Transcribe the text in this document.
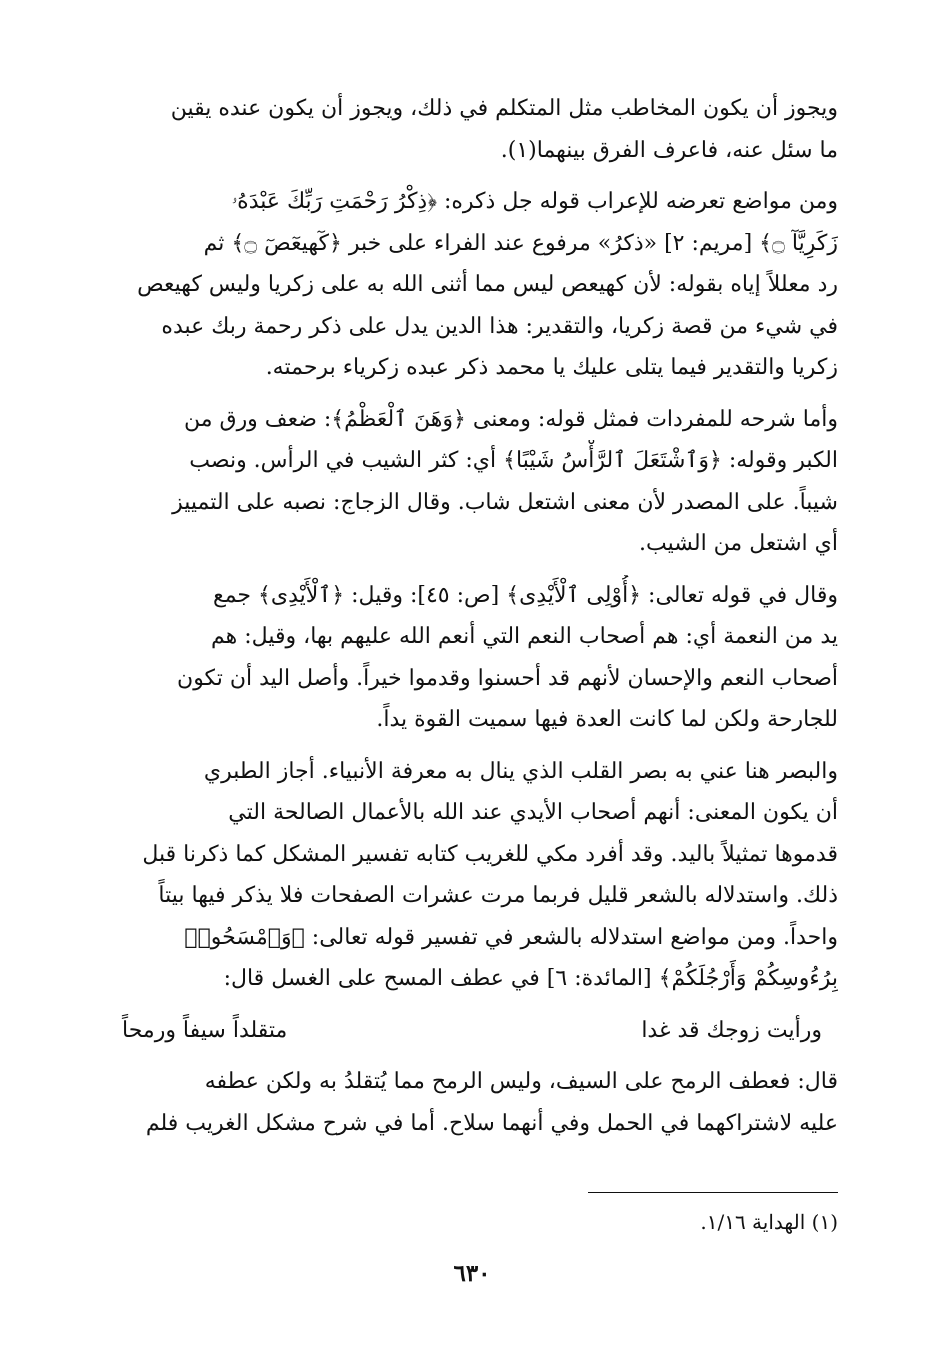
ويجوز أن يكون المخاطب مثل المتكلم في ذلك، ويجوز أن يكون عنده يقين
ما سئل عنه، فاعرف الفرق بينهما(١).

ومن مواضع تعرضه للإعراب قوله جل ذكره: ﴿ذِكْرُ رَحْمَتِ رَبِّكَ عَبْدَهُۥ
زَكَرِيَّآ ۝﴾ [مريم: ٢] «ذكرُ» مرفوع عند الفراء على خبر ﴿كٓهيعٓصٓ ۝﴾ ثم
رد معللاً إياه بقوله: لأن كهيعص ليس مما أثنى الله به على زكريا وليس كهيعص
في شيء من قصة زكريا، والتقدير: هذا الدين يدل على ذكر رحمة ربك عبده
زكريا والتقدير فيما يتلى عليك يا محمد ذكر عبده زكرياء برحمته.

وأما شرحه للمفردات فمثل قوله: ومعنى ﴿وَهَنَ ٱلْعَظْمُ﴾: ضعف ورق من
الكبر وقوله: ﴿وَٱشْتَعَلَ ٱلرَّأْسُ شَيْبًا﴾ أي: كثر الشيب في الرأس. ونصب
شيباً. على المصدر لأن معنى اشتعل شاب. وقال الزجاج: نصبه على التمييز
أي اشتعل من الشيب.

وقال في قوله تعالى: ﴿أُوْلِى ٱلْأَيْدِى﴾ [ص: ٤٥]: وقيل: ﴿ٱلْأَيْدِى﴾ جمع
يد من النعمة أي: هم أصحاب النعم التي أنعم الله عليهم بها، وقيل: هم
أصحاب النعم والإحسان لأنهم قد أحسنوا وقدموا خيراً. وأصل اليد أن تكون
للجارحة ولكن لما كانت العدة فيها سميت القوة يداً.

والبصر هنا عني به بصر القلب الذي ينال به معرفة الأنبياء. أجاز الطبري
أن يكون المعنى: أنهم أصحاب الأيدي عند الله بالأعمال الصالحة التي
قدموها تمثيلاً باليد. وقد أفرد مكي للغريب كتابه تفسير المشكل كما ذكرنا قبل
ذلك. واستدلاله بالشعر قليل فربما مرت عشرات الصفحات فلا يذكر فيها بيتاً
واحداً. ومن مواضع استدلاله بالشعر في تفسير قوله تعالى: ﴿وَٱمْسَحُوا۟
بِرُءُوسِكُمْ وَأَرْجُلَكُمْ﴾ [المائدة: ٦] في عطف المسح على الغسل قال:

ورأيت زوجك قد غدا
متقلداً سيفاً ورمحاً

قال: فعطف الرمح على السيف، وليس الرمح مما يُتقلدُ به ولكن عطفه
عليه لاشتراكهما في الحمل وفي أنهما سلاح. أما في شرح مشكل الغريب فلم

(١) الهداية ١/١٦.
٦٣٠
